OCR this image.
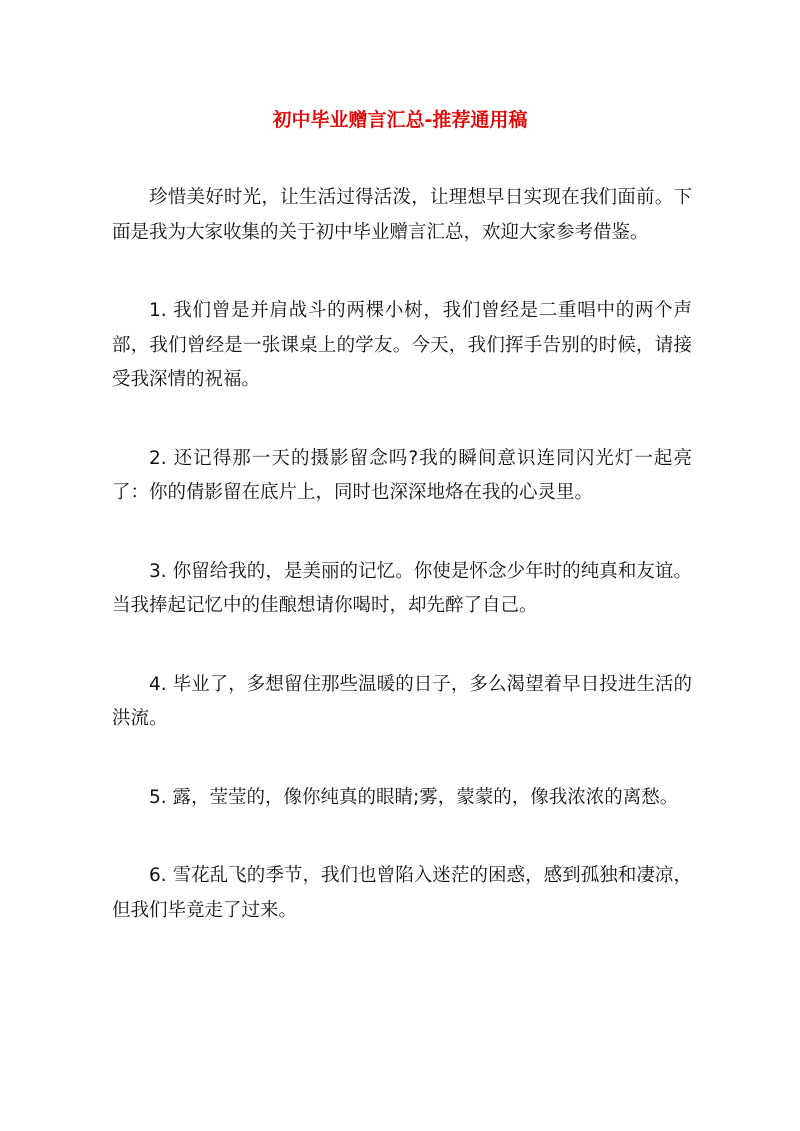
初中毕业赠言汇总-推荐通用稿

珍惜美好时光，让生活过得活泼，让理想早日实现在我们面前。下面是我为大家收集的关于初中毕业赠言汇总，欢迎大家参考借鉴。

1. 我们曾是并肩战斗的两棵小树，我们曾经是二重唱中的两个声部，我们曾经是一张课桌上的学友。今天，我们挥手告别的时候，请接受我深情的祝福。

2. 还记得那一天的摄影留念吗?我的瞬间意识连同闪光灯一起亮了：你的倩影留在底片上，同时也深深地烙在我的心灵里。

3. 你留给我的，是美丽的记忆。你使是怀念少年时的纯真和友谊。当我捧起记忆中的佳酿想请你喝时，却先醉了自己。

4. 毕业了，多想留住那些温暖的日子，多么渴望着早日投进生活的洪流。

5. 露，莹莹的，像你纯真的眼睛;雾，蒙蒙的，像我浓浓的离愁。

6. 雪花乱飞的季节，我们也曾陷入迷茫的困惑，感到孤独和凄凉，但我们毕竟走了过来。
